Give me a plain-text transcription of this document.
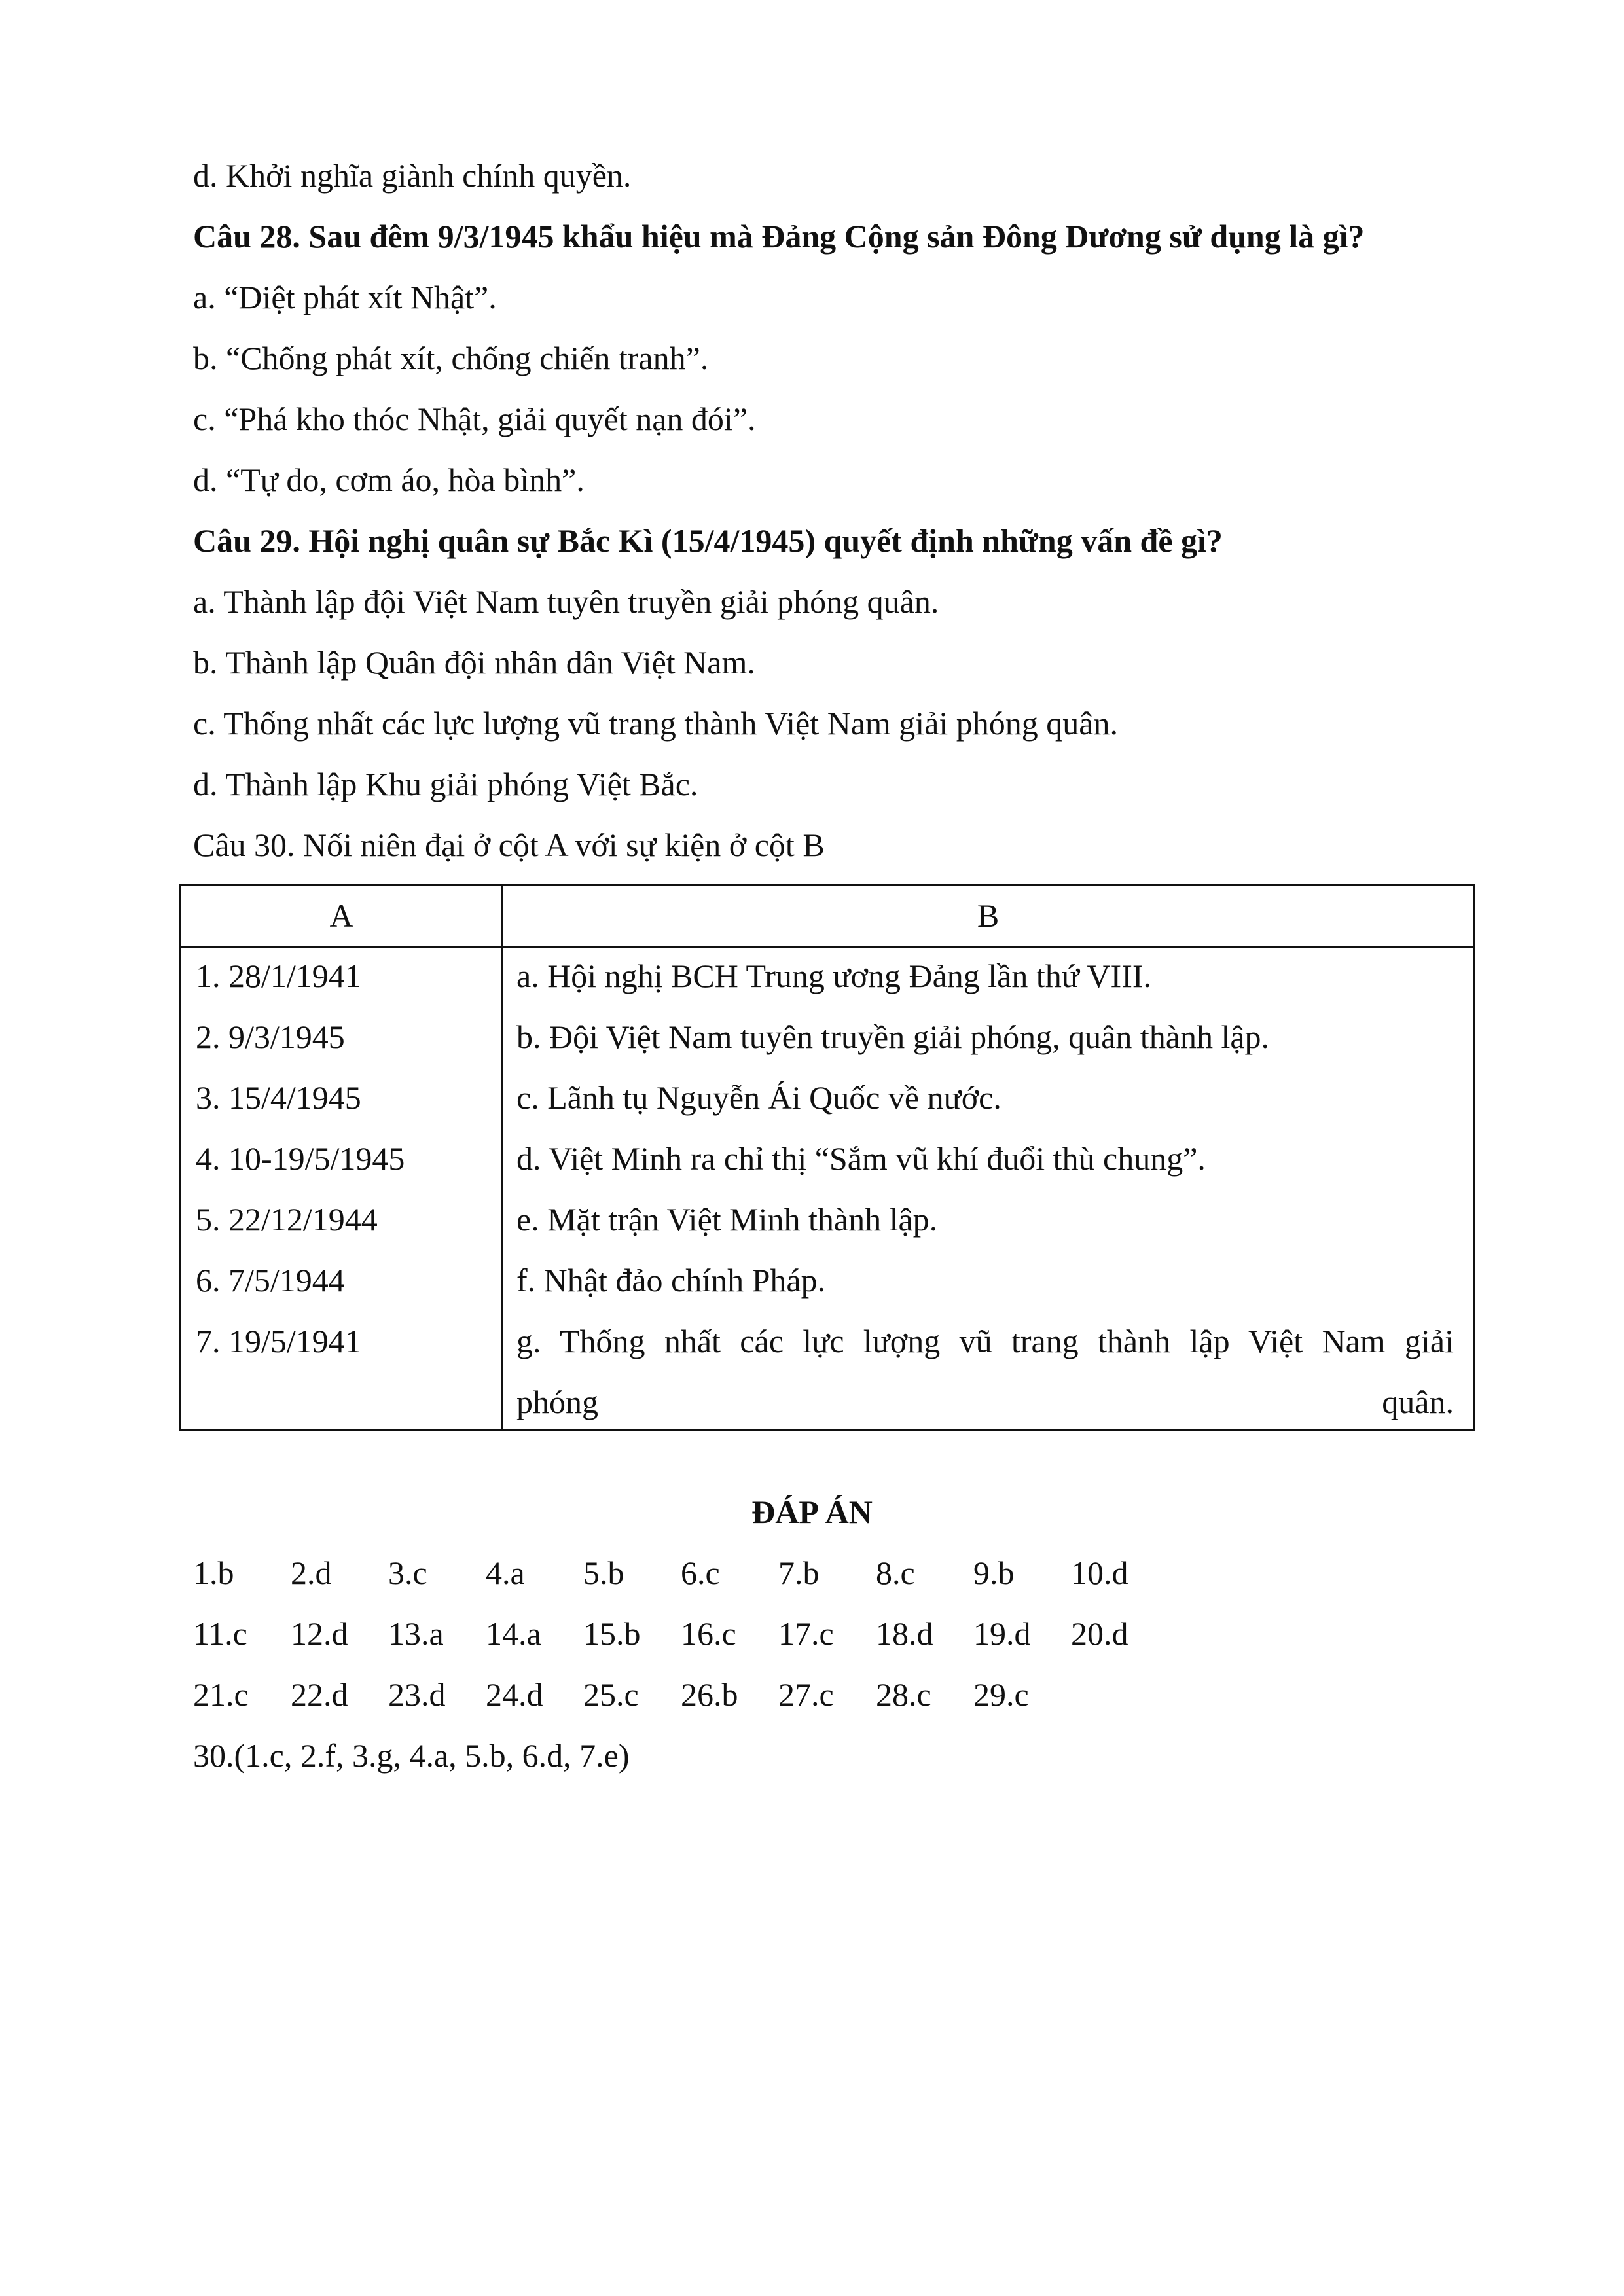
d. Khởi nghĩa giành chính quyền.
Câu 28. Sau đêm 9/3/1945 khẩu hiệu mà Đảng Cộng sản Đông Dương sử dụng là gì?
a. “Diệt phát xít Nhật”.
b. “Chống phát xít, chống chiến tranh”.
c. “Phá kho thóc Nhật, giải quyết nạn đói”.
d. “Tự do, cơm áo, hòa bình”.
Câu 29. Hội nghị quân sự Bắc Kì (15/4/1945) quyết định những vấn đề gì?
a. Thành lập đội Việt Nam tuyên truyền giải phóng quân.
b. Thành lập Quân đội nhân dân Việt Nam.
c. Thống nhất các lực lượng vũ trang thành Việt Nam giải phóng quân.
d. Thành lập Khu giải phóng Việt Bắc.
Câu 30. Nối niên đại ở cột A với sự kiện ở cột B
A	B
1. 28/1/1941
2. 9/3/1945
3. 15/4/1945
4. 10-19/5/1945
5. 22/12/1944
6. 7/5/1944
7. 19/5/1941
a. Hội nghị BCH Trung ương Đảng lần thứ VIII.
b. Đội Việt Nam tuyên truyền giải phóng, quân thành lập.
c. Lãnh tụ Nguyễn Ái Quốc về nước.
d. Việt Minh ra chỉ thị “Sắm vũ khí đuổi thù chung”.
e. Mặt trận Việt Minh thành lập.
f. Nhật đảo chính Pháp.
g. Thống nhất các lực lượng vũ trang thành lập Việt Nam giải phóng quân.
ĐÁP ÁN
1.b 2.d 3.c 4.a 5.b 6.c 7.b 8.c 9.b 10.d
11.c 12.d 13.a 14.a 15.b 16.c 17.c 18.d 19.d 20.d
21.c 22.d 23.d 24.d 25.c 26.b 27.c 28.c 29.c
30.(1.c, 2.f, 3.g, 4.a, 5.b, 6.d, 7.e)
